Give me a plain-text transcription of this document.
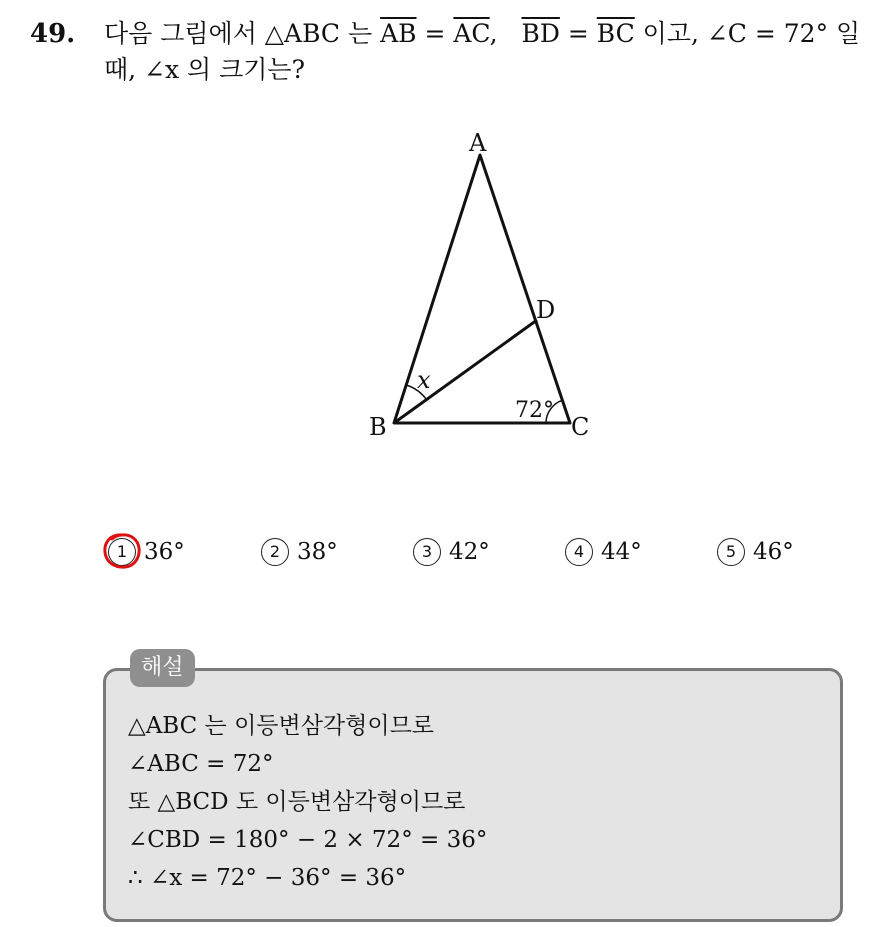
49. 다음 그림에서 △ABC 는 $\overline{AB} = \overline{AC}$,   $\overline{BD} = \overline{BC}$ 이고, ∠C = 72° 일
때, ∠x 의 크기는?
A
B	C
D
x
72°
1 36°	2 38°	3 42°	4 44°	5 46°
해설
△ABC 는 이등변삼각형이므로
∠ABC = 72°
또 △BCD 도 이등변삼각형이므로
∠CBD = 180° − 2 × 72° = 36°
∴ ∠x = 72° − 36° = 36°
